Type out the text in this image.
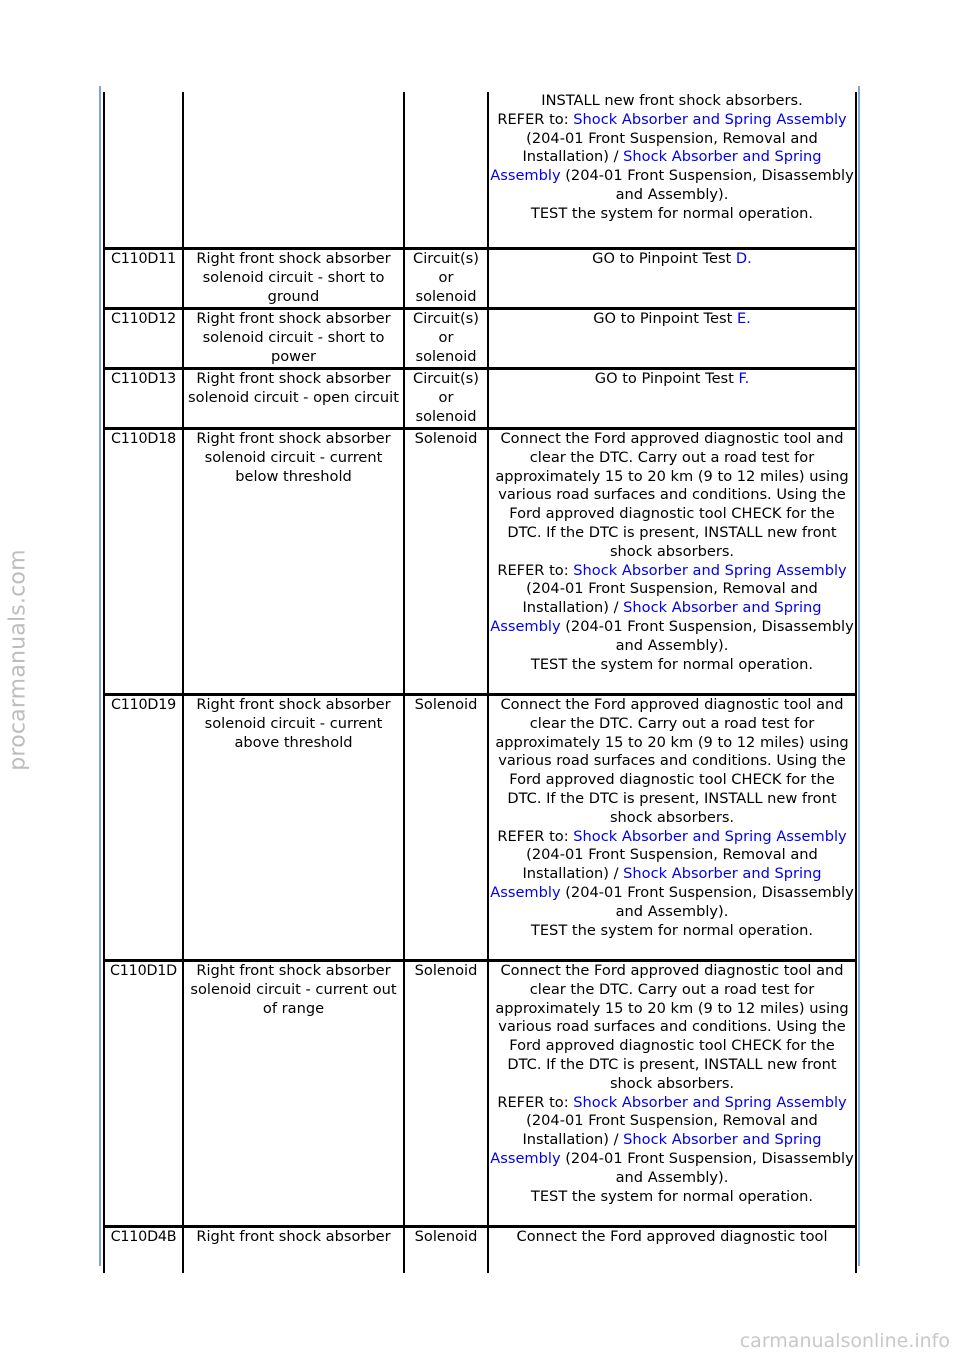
procarmanuals.com
			INSTALL new front shock absorbers.
REFER to: Shock Absorber and Spring Assembly (204-01 Front Suspension, Removal and Installation) / Shock Absorber and Spring Assembly (204-01 Front Suspension, Disassembly and Assembly).
TEST the system for normal operation.
C110D11	Right front shock absorber solenoid circuit - short to ground	Circuit(s) or solenoid	GO to Pinpoint Test D.
C110D12	Right front shock absorber solenoid circuit - short to power	Circuit(s) or solenoid	GO to Pinpoint Test E.
C110D13	Right front shock absorber solenoid circuit - open circuit	Circuit(s) or solenoid	GO to Pinpoint Test F.
C110D18	Right front shock absorber solenoid circuit - current below threshold	Solenoid	Connect the Ford approved diagnostic tool and clear the DTC. Carry out a road test for approximately 15 to 20 km (9 to 12 miles) using various road surfaces and conditions. Using the Ford approved diagnostic tool CHECK for the DTC. If the DTC is present, INSTALL new front shock absorbers.
REFER to: Shock Absorber and Spring Assembly (204-01 Front Suspension, Removal and Installation) / Shock Absorber and Spring Assembly (204-01 Front Suspension, Disassembly and Assembly).
TEST the system for normal operation.
C110D19	Right front shock absorber solenoid circuit - current above threshold	Solenoid	Connect the Ford approved diagnostic tool and clear the DTC. Carry out a road test for approximately 15 to 20 km (9 to 12 miles) using various road surfaces and conditions. Using the Ford approved diagnostic tool CHECK for the DTC. If the DTC is present, INSTALL new front shock absorbers.
REFER to: Shock Absorber and Spring Assembly (204-01 Front Suspension, Removal and Installation) / Shock Absorber and Spring Assembly (204-01 Front Suspension, Disassembly and Assembly).
TEST the system for normal operation.
C110D1D	Right front shock absorber solenoid circuit - current out of range	Solenoid	Connect the Ford approved diagnostic tool and clear the DTC. Carry out a road test for approximately 15 to 20 km (9 to 12 miles) using various road surfaces and conditions. Using the Ford approved diagnostic tool CHECK for the DTC. If the DTC is present, INSTALL new front shock absorbers.
REFER to: Shock Absorber and Spring Assembly (204-01 Front Suspension, Removal and Installation) / Shock Absorber and Spring Assembly (204-01 Front Suspension, Disassembly and Assembly).
TEST the system for normal operation.
C110D4B	Right front shock absorber	Solenoid	Connect the Ford approved diagnostic tool
carmanualsonline.info
